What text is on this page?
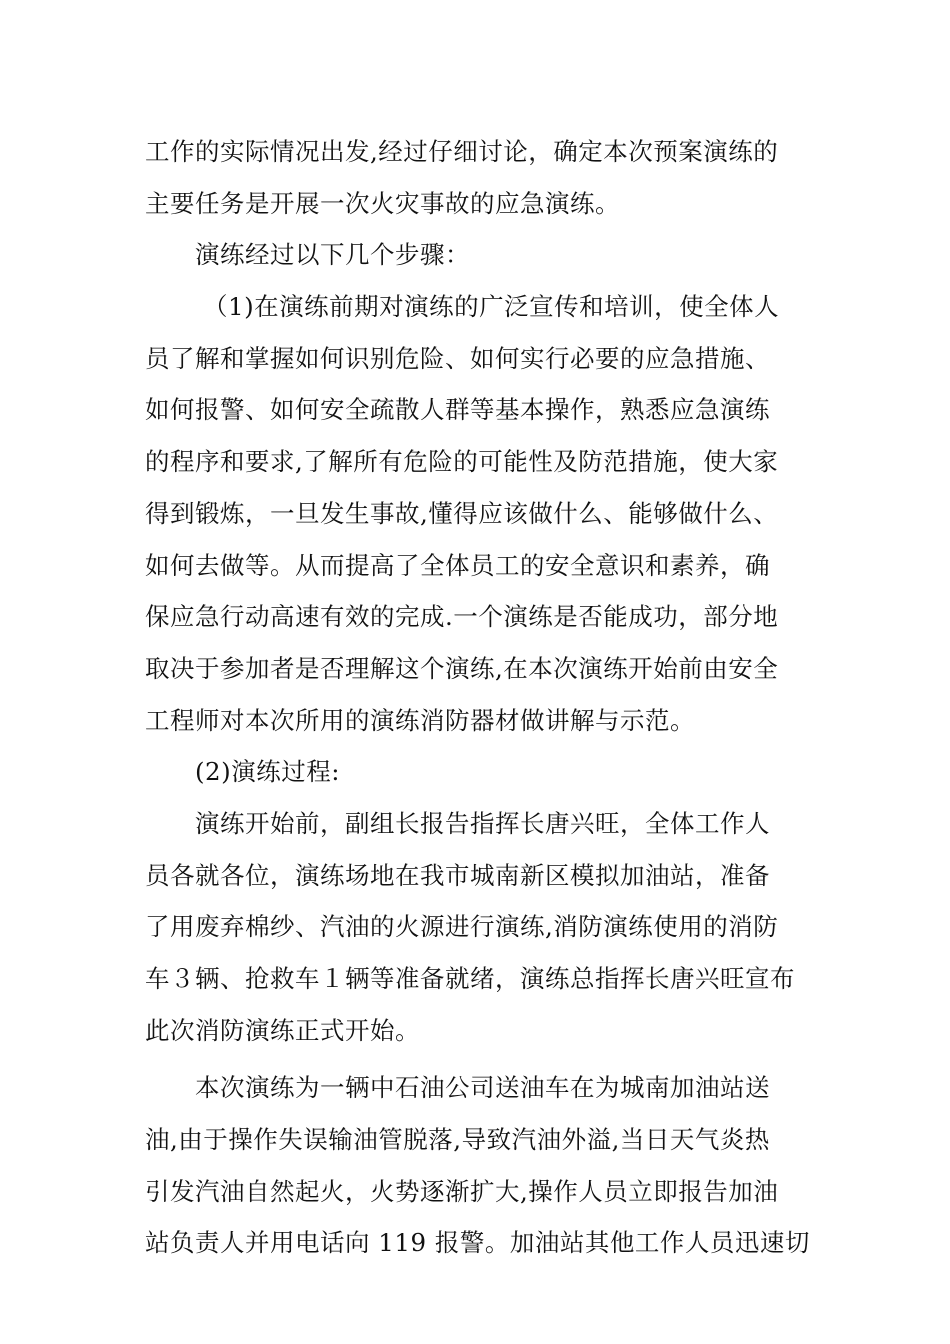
工作的实际情况出发,经过仔细讨论，确定本次预案演练的
主要任务是开展一次火灾事故的应急演练。
演练经过以下几个步骤：
（1)在演练前期对演练的广泛宣传和培训，使全体人
员了解和掌握如何识别危险、如何实行必要的应急措施、
如何报警、如何安全疏散人群等基本操作，熟悉应急演练
的程序和要求,了解所有危险的可能性及防范措施，使大家
得到锻炼，一旦发生事故,懂得应该做什么、能够做什么、
如何去做等。从而提高了全体员工的安全意识和素养，确
保应急行动高速有效的完成.一个演练是否能成功，部分地
取决于参加者是否理解这个演练,在本次演练开始前由安全
工程师对本次所用的演练消防器材做讲解与示范。
(2)演练过程:
演练开始前，副组长报告指挥长唐兴旺，全体工作人
员各就各位，演练场地在我市城南新区模拟加油站，准备
了用废弃棉纱、汽油的火源进行演练,消防演练使用的消防
车３辆、抢救车１辆等准备就绪，演练总指挥长唐兴旺宣布
此次消防演练正式开始。
本次演练为一辆中石油公司送油车在为城南加油站送
油,由于操作失误输油管脱落,导致汽油外溢,当日天气炎热
引发汽油自然起火，火势逐渐扩大,操作人员立即报告加油
站负责人并用电话向 119 报警。加油站其他工作人员迅速切
